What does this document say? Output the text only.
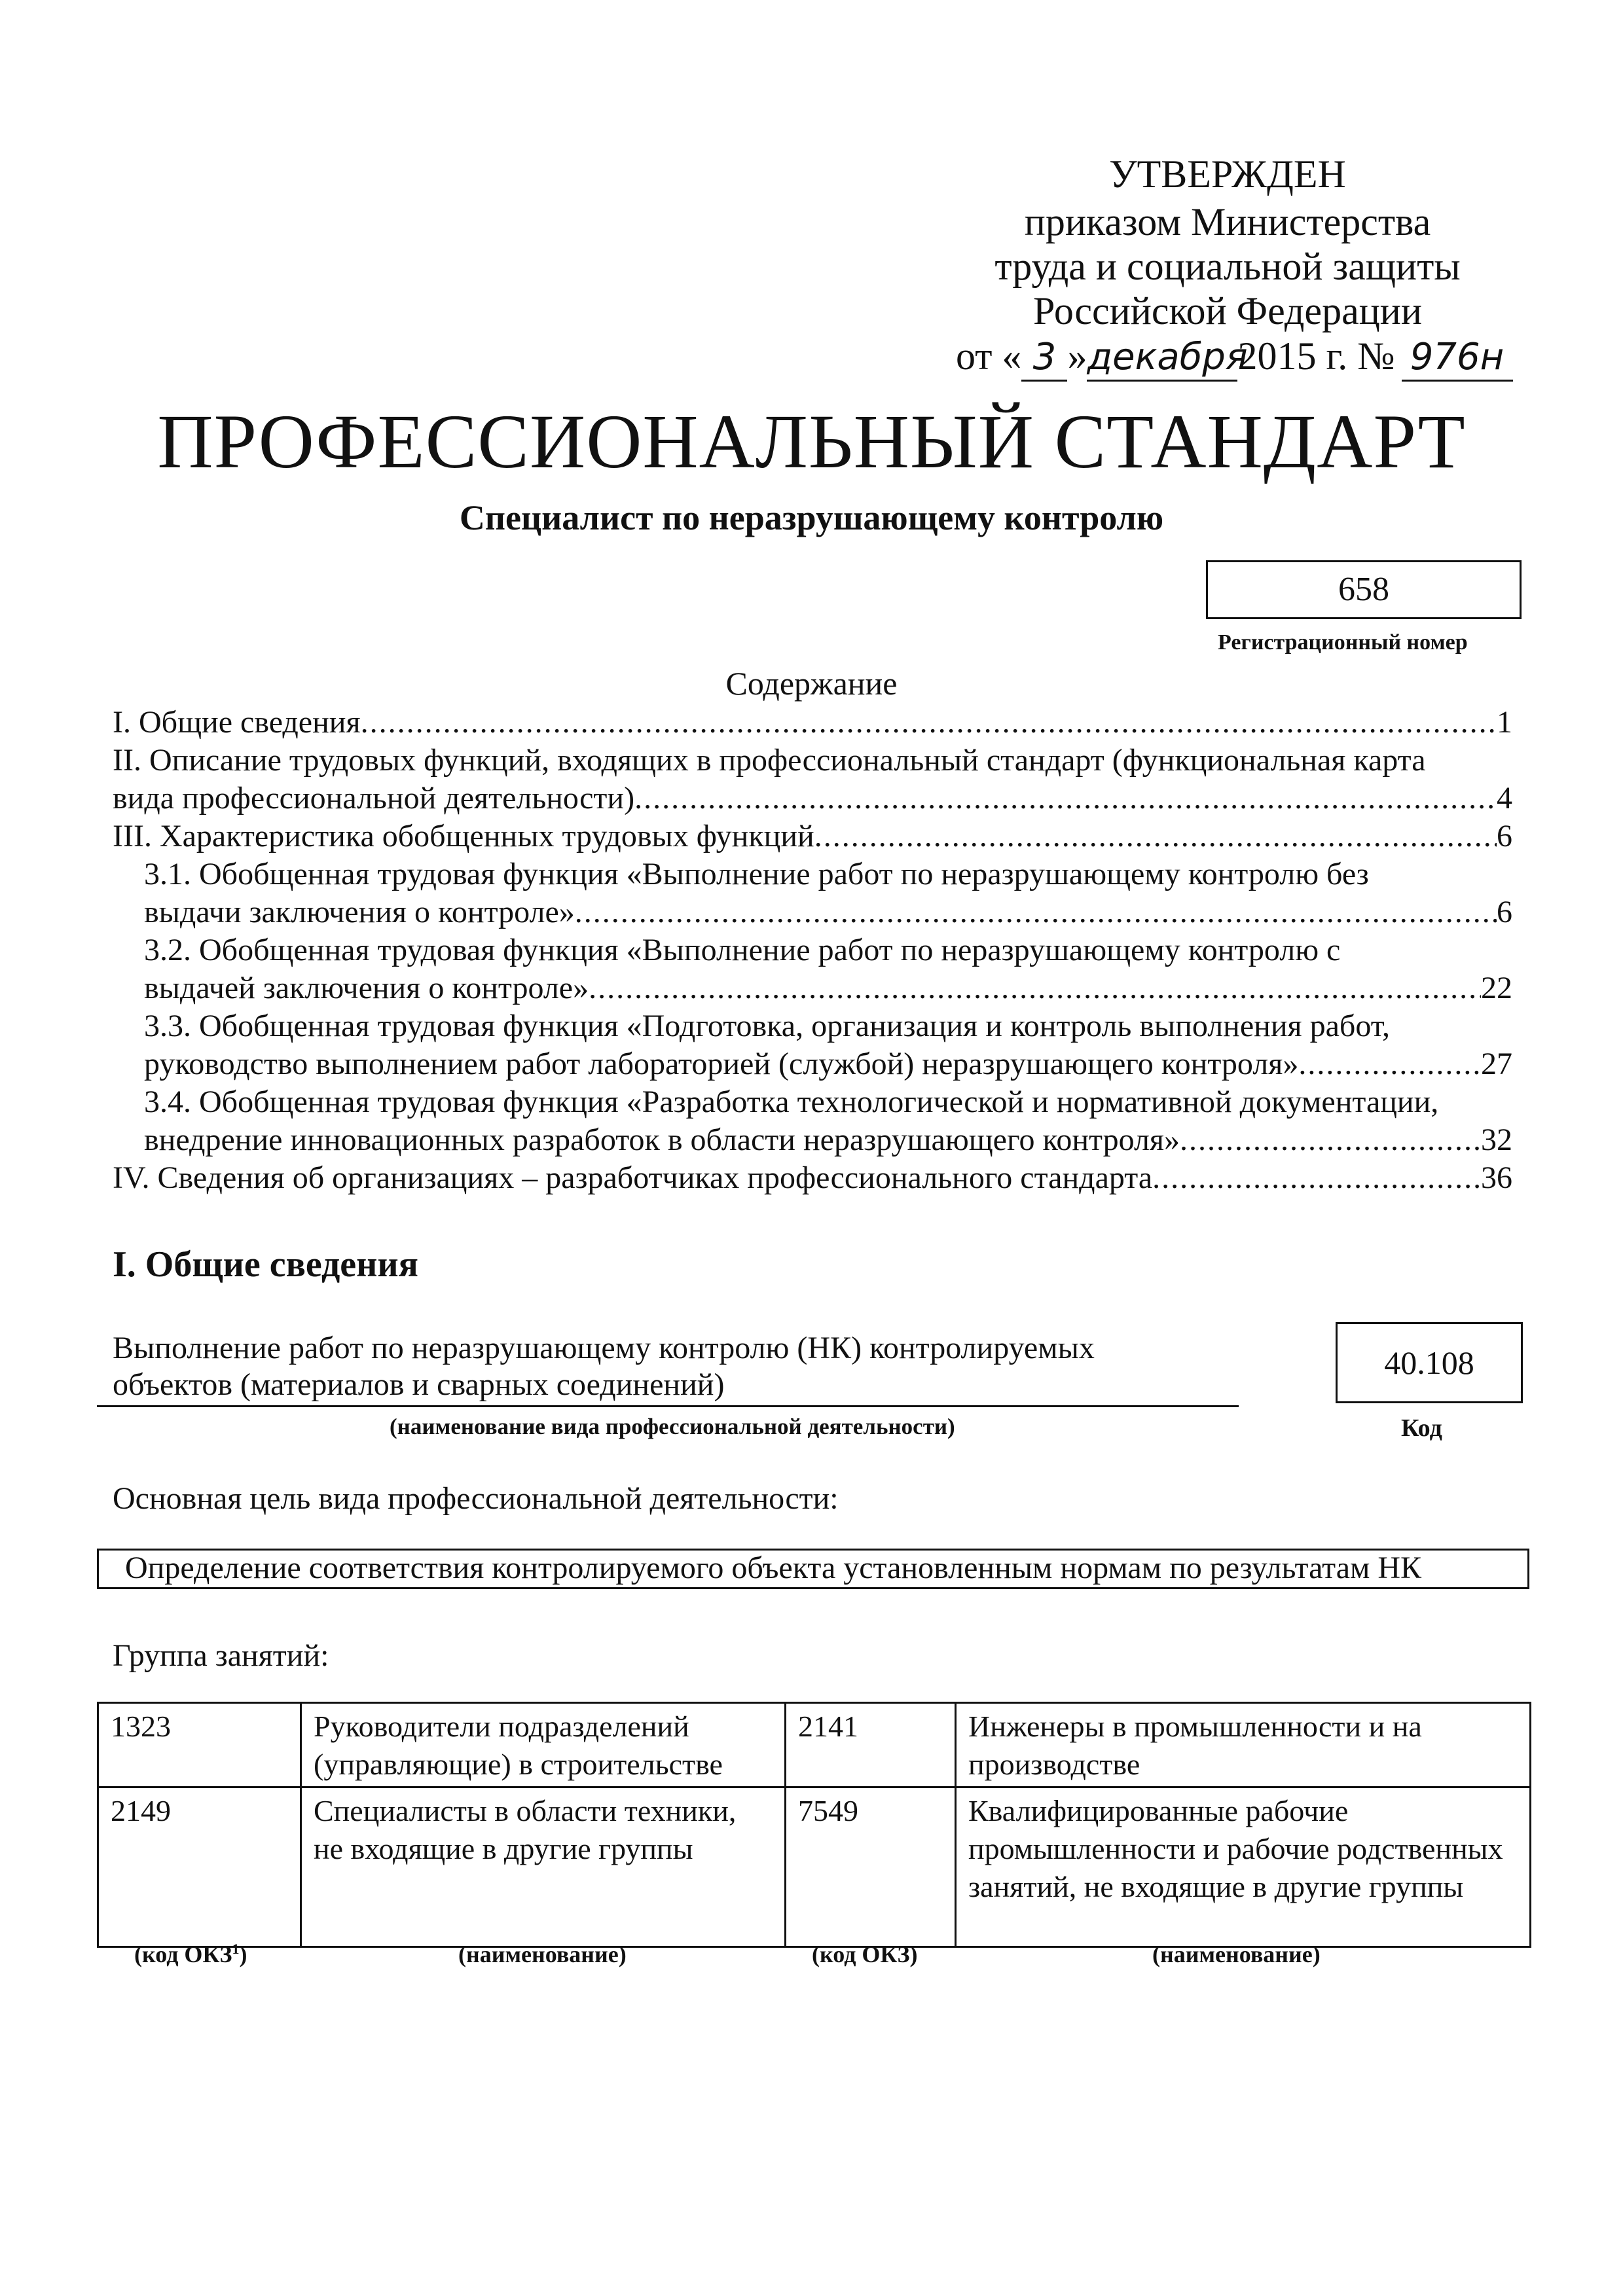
УТВЕРЖДЕН
приказом Министерства
труда и социальной защиты
Российской Федерации
от « 3 »декабря2015 г. № 976н
ПРОФЕССИОНАЛЬНЫЙ СТАНДАРТ
Специалист по неразрушающему контролю
658
Регистрационный номер
Содержание
I. Общие сведения .....	1
II. Описание трудовых функций, входящих в профессиональный стандарт (функциональная карта
вида профессиональной деятельности) .....	4
III. Характеристика обобщенных трудовых функций .....	6
3.1. Обобщенная трудовая функция «Выполнение работ по неразрушающему контролю без
выдачи заключения о контроле» .....	6
3.2. Обобщенная трудовая функция «Выполнение работ по неразрушающему контролю с
выдачей заключения о контроле» .....	22
3.3. Обобщенная трудовая функция «Подготовка, организация и контроль выполнения работ,
руководство выполнением работ лабораторией (службой) неразрушающего контроля» .....	27
3.4. Обобщенная трудовая функция «Разработка технологической и нормативной документации,
внедрение инновационных разработок в области неразрушающего контроля» .....	32
IV. Сведения об организациях – разработчиках профессионального стандарта .....	36
I. Общие сведения
Выполнение работ по неразрушающему контролю (НК) контролируемых
объектов (материалов и сварных соединений)
(наименование вида профессиональной деятельности)
40.108
Код
Основная цель вида профессиональной деятельности:
Определение соответствия контролируемого объекта установленным нормам по результатам НК
Группа занятий:
1323	Руководители подразделений (управляющие) в строительстве	2141	Инженеры в промышленности и на производстве
2149	Специалисты в области техники, не входящие в другие группы	7549	Квалифицированные рабочие промышленности и рабочие родственных занятий, не входящие в другие группы
(код ОКЗ$^1$)	(наименование)	(код ОКЗ)	(наименование)
